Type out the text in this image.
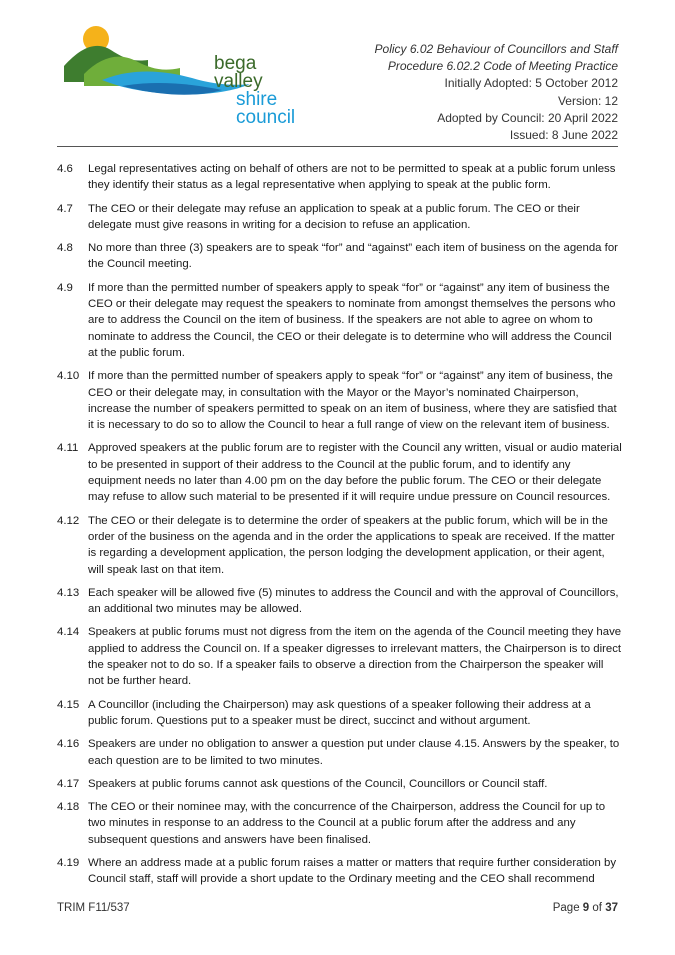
bega valley
shire council
Policy 6.02 Behaviour of Councillors and Staff
Procedure 6.02.2 Code of Meeting Practice
Initially Adopted: 5 October 2012
Version: 12
Adopted by Council: 20 April 2022
Issued: 8 June 2022
4.6	Legal representatives acting on behalf of others are not to be permitted to speak at a public forum unless they identify their status as a legal representative when applying to speak at the public form.
4.7	The CEO or their delegate may refuse an application to speak at a public forum. The CEO or their delegate must give reasons in writing for a decision to refuse an application.
4.8	No more than three (3) speakers are to speak “for” and “against” each item of business on the agenda for the Council meeting.
4.9	If more than the permitted number of speakers apply to speak “for” or “against” any item of business the CEO or their delegate may request the speakers to nominate from amongst themselves the persons who are to address the Council on the item of business. If the speakers are not able to agree on whom to nominate to address the Council, the CEO or their delegate is to determine who will address the Council at the public forum.
4.10 If more than the permitted number of speakers apply to speak “for” or “against” any item of business, the CEO or their delegate may, in consultation with the Mayor or the Mayor’s nominated Chairperson, increase the number of speakers permitted to speak on an item of business, where they are satisfied that it is necessary to do so to allow the Council to hear a full range of view on the relevant item of business.
4.11 Approved speakers at the public forum are to register with the Council any written, visual or audio material to be presented in support of their address to the Council at the public forum, and to identify any equipment needs no later than 4.00 pm on the day before the public forum. The CEO or their delegate may refuse to allow such material to be presented if it will require undue pressure on Council resources.
4.12 The CEO or their delegate is to determine the order of speakers at the public forum, which will be in the order of the business on the agenda and in the order the applications to speak are received. If the matter is regarding a development application, the person lodging the development application, or their agent, will speak last on that item.
4.13 Each speaker will be allowed five (5) minutes to address the Council and with the approval of Councillors, an additional two minutes may be allowed.
4.14 Speakers at public forums must not digress from the item on the agenda of the Council meeting they have applied to address the Council on. If a speaker digresses to irrelevant matters, the Chairperson is to direct the speaker not to do so. If a speaker fails to observe a direction from the Chairperson the speaker will not be further heard.
4.15 A Councillor (including the Chairperson) may ask questions of a speaker following their address at a public forum. Questions put to a speaker must be direct, succinct and without argument.
4.16 Speakers are under no obligation to answer a question put under clause 4.15. Answers by the speaker, to each question are to be limited to two minutes.
4.17 Speakers at public forums cannot ask questions of the Council, Councillors or Council staff.
4.18 The CEO or their nominee may, with the concurrence of the Chairperson, address the Council for up to two minutes in response to an address to the Council at a public forum after the address and any subsequent questions and answers have been finalised.
4.19 Where an address made at a public forum raises a matter or matters that require further consideration by Council staff, staff will provide a short update to the Ordinary meeting and the CEO shall recommend
TRIM F11/537	Page 9 of 37
